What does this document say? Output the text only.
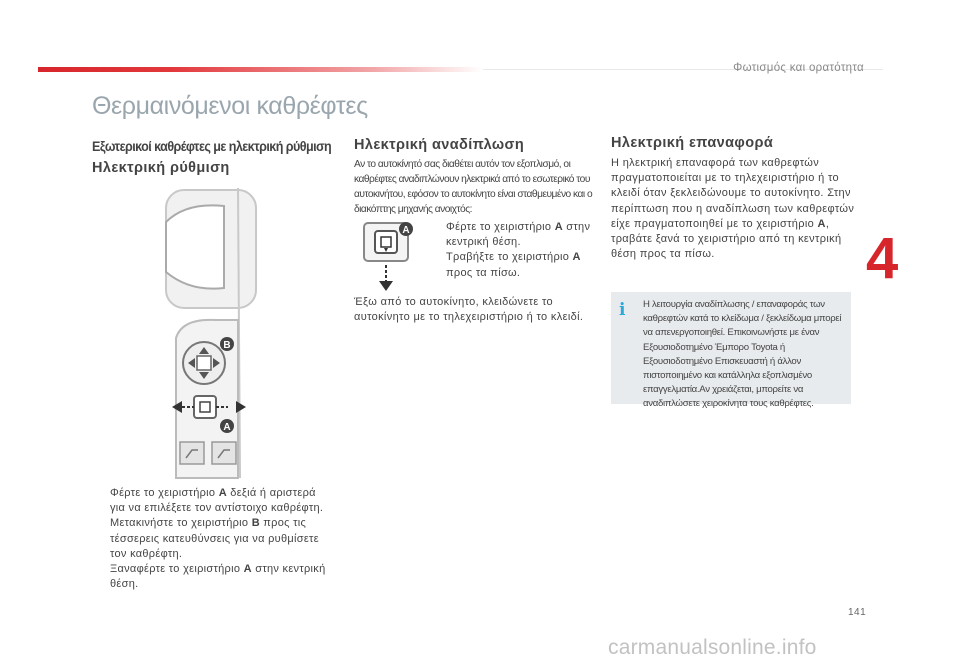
Φωτισμός και ορατότητα
Θερμαινόμενοι καθρέφτες
Εξωτερικοί καθρέφτες με ηλεκτρική ρύθμιση
Ηλεκτρική ρύθμιση
B
A
Φέρτε το χειριστήριο A δεξιά ή αριστερά για να επιλέξετε τον αντίστοιχο καθρέφτη.
Μετακινήστε το χειριστήριο B προς τις τέσσερεις κατευθύνσεις για να ρυθμίσετε τον καθρέφτη.
Ξαναφέρτε το χειριστήριο A στην κεντρική θέση.
Ηλεκτρική αναδίπλωση
Αν το αυτοκίνητό σας διαθέτει αυτόν τον εξοπλισμό, οι καθρέφτες αναδιπλώνουν ηλεκτρικά από το εσωτερικό του αυτοκινήτου, εφόσον το αυτοκίνητο είναι σταθμευμένο και ο διακόπτης μηχανής ανοιχτός:
A	Φέρτε το χειριστήριο A στην κεντρική θέση.
Τραβήξτε το χειριστήριο A προς τα πίσω.
Έξω από το αυτοκίνητο, κλειδώνετε το αυτοκίνητο με το τηλεχειριστήριο ή το κλειδί.
Ηλεκτρική επαναφορά
Η ηλεκτρική επαναφορά των καθρεφτών πραγματοποιείται με το τηλεχειριστήριο ή το κλειδί όταν ξεκλειδώνουμε το αυτοκίνητο. Στην περίπτωση που η αναδίπλωση των καθρεφτών είχε πραγματοποιηθεί με το χειριστήριο A, τραβάτε ξανά το χειριστήριο από τη κεντρική θέση προς τα πίσω.	4
i Η λειτουργία αναδίπλωσης / επαναφοράς των καθρεφτών κατά το κλείδωμα / ξεκλείδωμα μπορεί να απενεργοποιηθεί. Επικοινωνήστε με έναν Εξουσιοδοτημένο Έμπορο Toyota ή Εξουσιοδοτημένο Επισκευαστή ή άλλον πιστοποιημένο και κατάλληλα εξοπλισμένο επαγγελματία.Αν χρειάζεται, μπορείτε να αναδιπλώσετε χειροκίνητα τους καθρέφτες.
141
carmanualsonline.info
